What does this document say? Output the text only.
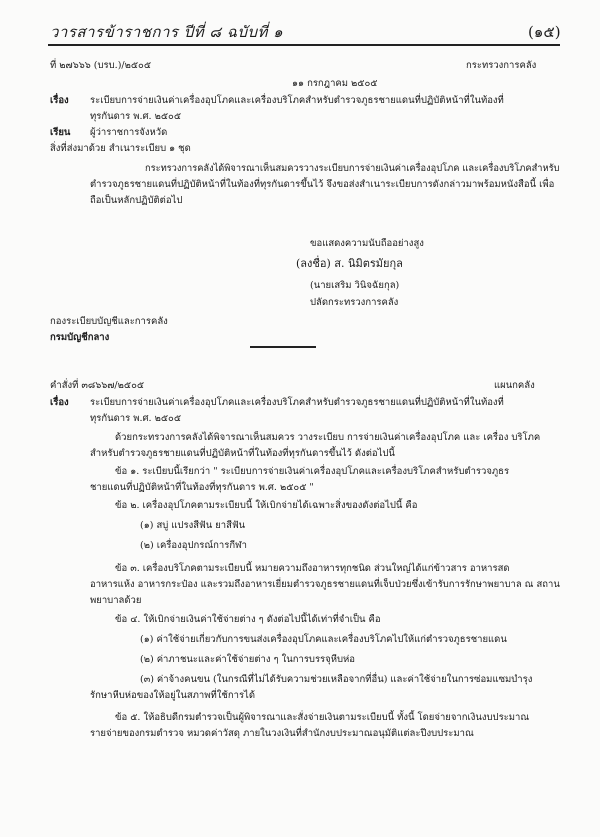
วารสารข้าราชการ ปีที่ ๘ ฉบับที่ ๑	(๑๕)
ที่ ๒๗๖๖๖ (บรบ.)/๒๕๐๕	กระทรวงการคลัง
๑๑ กรกฎาคม ๒๕๐๕
เรื่อง ระเบียบการจ่ายเงินค่าเครื่องอุปโภคและเครื่องบริโภคสำหรับตำรวจภูธรชายแดนที่ปฏิบัติหน้าที่ในท้องที่
ทุรกันดาร พ.ศ. ๒๕๐๕
เรียน ผู้ว่าราชการจังหวัด
สิ่งที่ส่งมาด้วย สำเนาระเบียบ ๑ ชุด
กระทรวงการคลังได้พิจารณาเห็นสมควรวางระเบียบการจ่ายเงินค่าเครื่องอุปโภค และเครื่องบริโภคสำหรับ
ตำรวจภูธรชายแดนที่ปฏิบัติหน้าที่ในท้องที่ทุรกันดารขึ้นไว้ จึงขอส่งสำเนาระเบียบการดังกล่าวมาพร้อมหนังสือนี้ เพื่อ
ถือเป็นหลักปฏิบัติต่อไป
ขอแสดงความนับถืออย่างสูง
(ลงชื่อ) ส. นิมิตรมัยกุล
(นายเสริม วินิจฉัยกุล)
ปลัดกระทรวงการคลัง
กองระเบียบบัญชีและการคลัง
กรมบัญชีกลาง
คำสั่งที่ ๓๘๖๖๗/๒๕๐๕	แผนกคลัง
เรื่อง ระเบียบการจ่ายเงินค่าเครื่องอุปโภคและเครื่องบริโภคสำหรับตำรวจภูธรชายแดนที่ปฏิบัติหน้าที่ในท้องที่
ทุรกันดาร พ.ศ. ๒๕๐๕
ด้วยกระทรวงการคลังได้พิจารณาเห็นสมควร วางระเบียบ การจ่ายเงินค่าเครื่องอุปโภค และ เครื่อง บริโภค
สำหรับตำรวจภูธรชายแดนที่ปฏิบัติหน้าที่ในท้องที่ทุรกันดารขึ้นไว้ ดังต่อไปนี้
ข้อ ๑. ระเบียบนี้เรียกว่า " ระเบียบการจ่ายเงินค่าเครื่องอุปโภคและเครื่องบริโภคสำหรับตำรวจภูธร
ชายแดนที่ปฏิบัติหน้าที่ในท้องที่ทุรกันดาร พ.ศ. ๒๕๐๕ "
ข้อ ๒. เครื่องอุปโภคตามระเบียบนี้ ให้เบิกจ่ายได้เฉพาะสิ่งของดังต่อไปนี้ คือ
(๑) สบู่ แปรงสีฟัน ยาสีฟัน
(๒) เครื่องอุปกรณ์การกีฬา
ข้อ ๓. เครื่องบริโภคตามระเบียบนี้ หมายความถึงอาหารทุกชนิด ส่วนใหญ่ได้แก่ข้าวสาร อาหารสด
อาหารแห้ง อาหารกระป๋อง และรวมถึงอาหารเยี่ยมตำรวจภูธรชายแดนที่เจ็บป่วยซึ่งเข้ารับการรักษาพยาบาล ณ สถาน
พยาบาลด้วย
ข้อ ๔. ให้เบิกจ่ายเงินค่าใช้จ่ายต่าง ๆ ดังต่อไปนี้ได้เท่าที่จำเป็น คือ
(๑) ค่าใช้จ่ายเกี่ยวกับการขนส่งเครื่องอุปโภคและเครื่องบริโภคไปให้แก่ตำรวจภูธรชายแดน
(๒) ค่าภาชนะและค่าใช้จ่ายต่าง ๆ ในการบรรจุหีบห่อ
(๓) ค่าจ้างคนขน (ในกรณีที่ไม่ได้รับความช่วยเหลือจากที่อื่น) และค่าใช้จ่ายในการซ่อมแซมบำรุง
รักษาหีบห่อของให้อยู่ในสภาพที่ใช้การได้
ข้อ ๕. ให้อธิบดีกรมตำรวจเป็นผู้พิจารณาและสั่งจ่ายเงินตามระเบียบนี้ ทั้งนี้ โดยจ่ายจากเงินงบประมาณ
รายจ่ายของกรมตำรวจ หมวดค่าวัสดุ ภายในวงเงินที่สำนักงบประมาณอนุมัติแต่ละปีงบประมาณ
